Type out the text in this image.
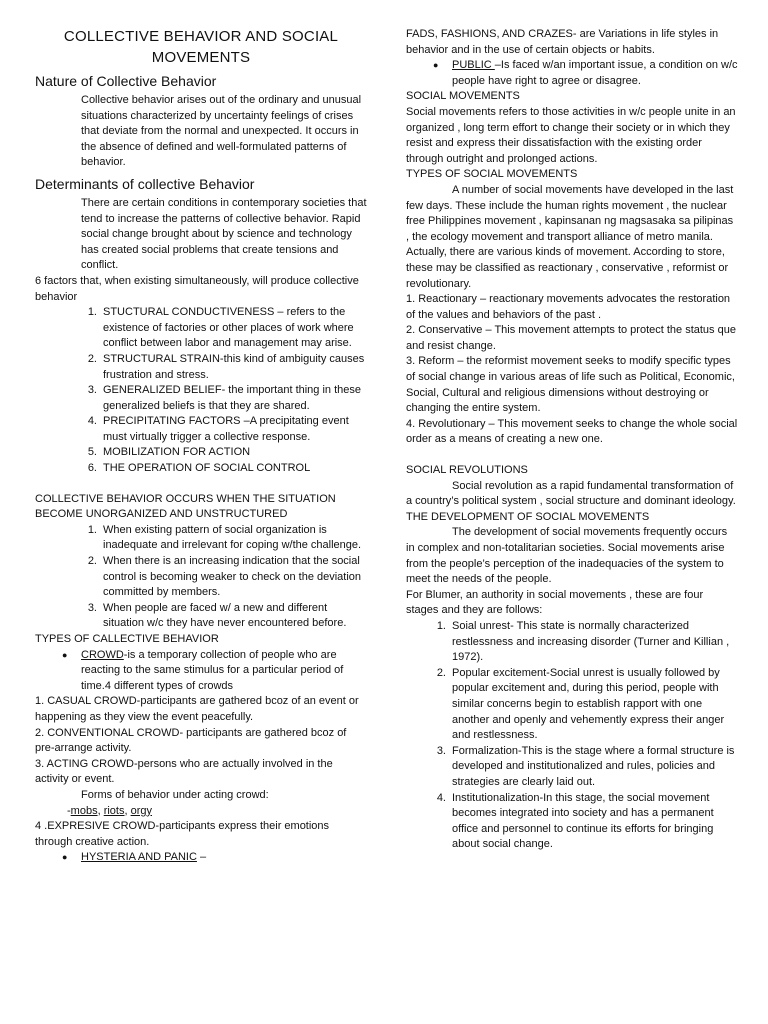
COLLECTIVE BEHAVIOR AND SOCIAL MOVEMENTS

Nature of Collective Behavior

Collective behavior arises out of the ordinary and unusual situations characterized by uncertainty feelings of crises that deviate from the normal and unexpected. It occurs in the absence of defined and well-formulated patterns of behavior.

Determinants of collective Behavior

There are certain conditions in contemporary societies that tend to increase the patterns of collective behavior. Rapid social change brought about by science and technology has created social problems that create tensions and conflict.

6 factors that, when existing simultaneously, will produce collective behavior

1. STUCTURAL CONDUCTIVENESS – refers to the existence of factories or other places of work where conflict between labor and management may arise.
2. STRUCTURAL STRAIN-this kind of ambiguity causes frustration and stress.
3. GENERALIZED BELIEF- the important thing in these generalized beliefs is that they are shared.
4. PRECIPITATING FACTORS –A precipitating event must virtually trigger a collective response.
5. MOBILIZATION FOR ACTION
6. THE OPERATION OF SOCIAL CONTROL

COLLECTIVE BEHAVIOR OCCURS WHEN THE SITUATION BECOME UNORGANIZED AND UNSTRUCTURED

1. When existing pattern of social organization is inadequate and irrelevant for coping w/the challenge.
2. When there is an increasing indication that the social control is becoming weaker to check on the deviation committed by members.
3. When people are faced w/ a new and different situation w/c they have never encountered before.

TYPES OF CALLECTIVE BEHAVIOR

● CROWD-is a temporary collection of people who are reacting to the same stimulus for a particular period of time.4 different types of crowds

1. CASUAL CROWD-participants are gathered bcoz of an event or happening as they view the event peacefully.

2. CONVENTIONAL CROWD- participants are gathered bcoz of pre-arrange activity.

3. ACTING CROWD-persons who are actually involved in the activity or event.

Forms of behavior under acting crowd:

-mobs, riots, orgy

4 .EXPRESIVE CROWD-participants express their emotions through creative action.

● HYSTERIA AND PANIC –

FADS, FASHIONS, AND CRAZES- are Variations in life styles in behavior and in the use of certain objects or habits.

● PUBLIC –Is faced w/an important issue, a condition on w/c people have right to agree or disagree.

SOCIAL MOVEMENTS

Social movements refers to those activities in w/c people unite in an organized , long term effort to change their society or in which they resist and express their dissatisfaction with the existing order through outright and prolonged actions.

TYPES OF SOCIAL MOVEMENTS

A number of social movements have developed in the last few days. These include the human rights movement , the nuclear free Philippines movement , kapinsanan ng magsasaka sa pilipinas , the ecology movement and transport alliance of metro manila. Actually, there are various kinds of movement. According to store, these may be classified as reactionary , conservative , reformist or revolutionary.

1. Reactionary – reactionary movements advocates the restoration of the values and behaviors of the past .

2. Conservative – This movement attempts to protect the status que and resist change.

3. Reform – the reformist movement seeks to modify specific types of social change in various areas of life such as Political, Economic, Social, Cultural and religious dimensions without destroying or changing the entire system.

4. Revolutionary – This movement seeks to change the whole social order as a means of creating a new one.

SOCIAL REVOLUTIONS

Social revolution as a rapid fundamental transformation of a country’s political system , social structure and dominant ideology.

THE DEVELOPMENT OF SOCIAL MOVEMENTS

The development of social movements frequently occurs in complex and non-totalitarian societies. Social movements arise from the people’s perception of the inadequacies of the system to meet the needs of the people.

For Blumer, an authority in social movements , these are four stages and they are follows:

1. Soial unrest- This state is normally characterized restlessness and increasing disorder (Turner and Killian , 1972).
2. Popular excitement-Social unrest is usually followed by popular excitement and, during this period, people with similar concerns begin to establish rapport with one another and openly and vehemently express their anger and restlessness.
3. Formalization-This is the stage where a formal structure is developed and institutionalized and rules, policies and strategies are clearly laid out.
4. Institutionalization-In this stage, the social movement becomes integrated into society and has a permanent office and personnel to continue its efforts for bringing about social change.
